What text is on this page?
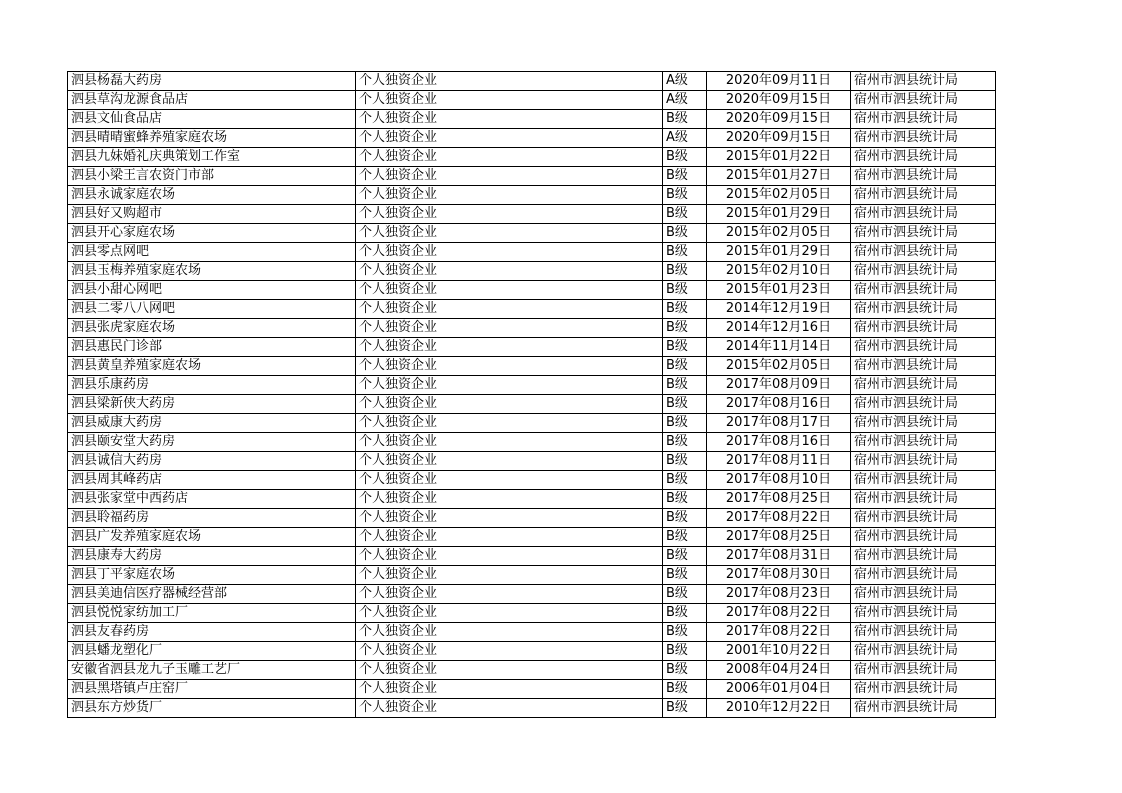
泗县杨磊大药房	个人独资企业	A级	2020年09月11日	宿州市泗县统计局
泗县草沟龙源食品店	个人独资企业	A级	2020年09月15日	宿州市泗县统计局
泗县文仙食品店	个人独资企业	B级	2020年09月15日	宿州市泗县统计局
泗县晴晴蜜蜂养殖家庭农场	个人独资企业	A级	2020年09月15日	宿州市泗县统计局
泗县九妹婚礼庆典策划工作室	个人独资企业	B级	2015年01月22日	宿州市泗县统计局
泗县小梁王言农资门市部	个人独资企业	B级	2015年01月27日	宿州市泗县统计局
泗县永诚家庭农场	个人独资企业	B级	2015年02月05日	宿州市泗县统计局
泗县好又购超市	个人独资企业	B级	2015年01月29日	宿州市泗县统计局
泗县开心家庭农场	个人独资企业	B级	2015年02月05日	宿州市泗县统计局
泗县零点网吧	个人独资企业	B级	2015年01月29日	宿州市泗县统计局
泗县玉梅养殖家庭农场	个人独资企业	B级	2015年02月10日	宿州市泗县统计局
泗县小甜心网吧	个人独资企业	B级	2015年01月23日	宿州市泗县统计局
泗县二零八八网吧	个人独资企业	B级	2014年12月19日	宿州市泗县统计局
泗县张虎家庭农场	个人独资企业	B级	2014年12月16日	宿州市泗县统计局
泗县惠民门诊部	个人独资企业	B级	2014年11月14日	宿州市泗县统计局
泗县黄皇养殖家庭农场	个人独资企业	B级	2015年02月05日	宿州市泗县统计局
泗县乐康药房	个人独资企业	B级	2017年08月09日	宿州市泗县统计局
泗县梁新侠大药房	个人独资企业	B级	2017年08月16日	宿州市泗县统计局
泗县威康大药房	个人独资企业	B级	2017年08月17日	宿州市泗县统计局
泗县颐安堂大药房	个人独资企业	B级	2017年08月16日	宿州市泗县统计局
泗县诚信大药房	个人独资企业	B级	2017年08月11日	宿州市泗县统计局
泗县周其峰药店	个人独资企业	B级	2017年08月10日	宿州市泗县统计局
泗县张家堂中西药店	个人独资企业	B级	2017年08月25日	宿州市泗县统计局
泗县聆福药房	个人独资企业	B级	2017年08月22日	宿州市泗县统计局
泗县广发养殖家庭农场	个人独资企业	B级	2017年08月25日	宿州市泗县统计局
泗县康寿大药房	个人独资企业	B级	2017年08月31日	宿州市泗县统计局
泗县丁平家庭农场	个人独资企业	B级	2017年08月30日	宿州市泗县统计局
泗县美迪信医疗器械经营部	个人独资企业	B级	2017年08月23日	宿州市泗县统计局
泗县悦悦家纺加工厂	个人独资企业	B级	2017年08月22日	宿州市泗县统计局
泗县友春药房	个人独资企业	B级	2017年08月22日	宿州市泗县统计局
泗县蟠龙塑化厂	个人独资企业	B级	2001年10月22日	宿州市泗县统计局
安徽省泗县龙九子玉雕工艺厂	个人独资企业	B级	2008年04月24日	宿州市泗县统计局
泗县黑塔镇卢庄窑厂	个人独资企业	B级	2006年01月04日	宿州市泗县统计局
泗县东方炒货厂	个人独资企业	B级	2010年12月22日	宿州市泗县统计局
